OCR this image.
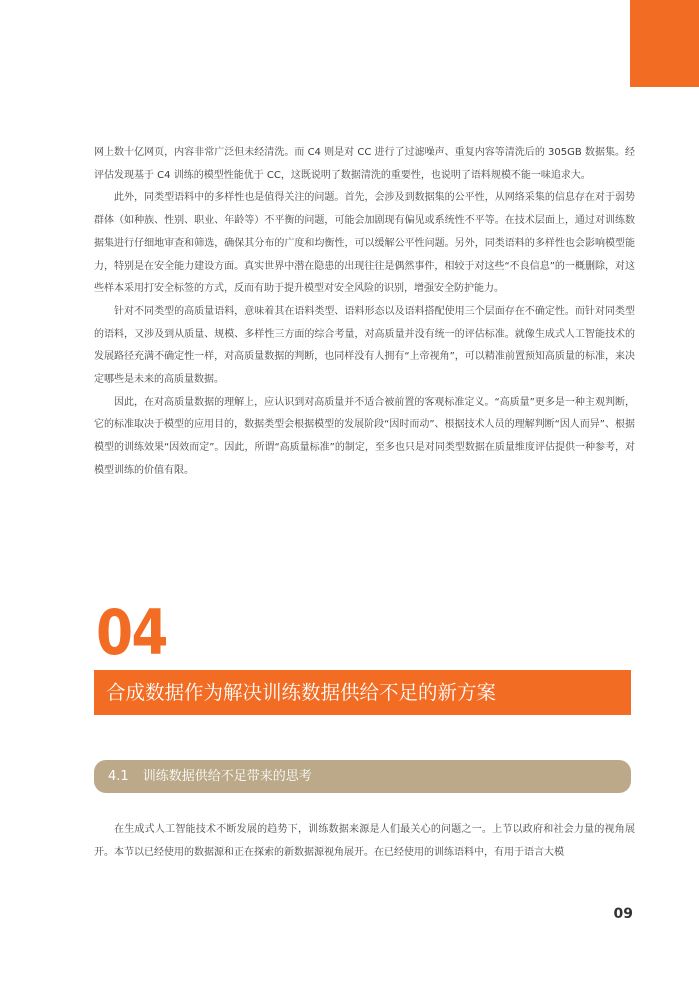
网上数十亿网页，内容非常广泛但未经清洗。而 C4 则是对 CC 进行了过滤噪声、重复内容等清洗后的 305GB 数据集。经评估发现基于 C4 训练的模型性能优于 CC，这既说明了数据清洗的重要性，也说明了语料规模不能一味追求大。

此外，同类型语料中的多样性也是值得关注的问题。首先，会涉及到数据集的公平性，从网络采集的信息存在对于弱势群体（如种族、性别、职业、年龄等）不平衡的问题，可能会加剧现有偏见或系统性不平等。在技术层面上，通过对训练数据集进行仔细地审查和筛选，确保其分布的广度和均衡性，可以缓解公平性问题。另外，同类语料的多样性也会影响模型能力，特别是在安全能力建设方面。真实世界中潜在隐患的出现往往是偶然事件，相较于对这些“不良信息”的一概删除，对这些样本采用打安全标签的方式，反而有助于提升模型对安全风险的识别，增强安全防护能力。

针对不同类型的高质量语料，意味着其在语料类型、语料形态以及语料搭配使用三个层面存在不确定性。而针对同类型的语料，又涉及到从质量、规模、多样性三方面的综合考量，对高质量并没有统一的评估标准。就像生成式人工智能技术的发展路径充满不确定性一样，对高质量数据的判断，也同样没有人拥有“上帝视角”，可以精准前置预知高质量的标准，来决定哪些是未来的高质量数据。

因此，在对高质量数据的理解上，应认识到对高质量并不适合被前置的客观标准定义。“高质量”更多是一种主观判断，它的标准取决于模型的应用目的，数据类型会根据模型的发展阶段“因时而动”、根据技术人员的理解判断“因人而异”、根据模型的训练效果“因效而定”。因此，所谓“高质量标准”的制定，至多也只是对同类型数据在质量维度评估提供一种参考，对模型训练的价值有限。

04
合成数据作为解决训练数据供给不足的新方案
4.1 训练数据供给不足带来的思考

在生成式人工智能技术不断发展的趋势下，训练数据来源是人们最关心的问题之一。上节以政府和社会力量的视角展开。本节以已经使用的数据源和正在探索的新数据源视角展开。在已经使用的训练语料中，有用于语言大模

09
